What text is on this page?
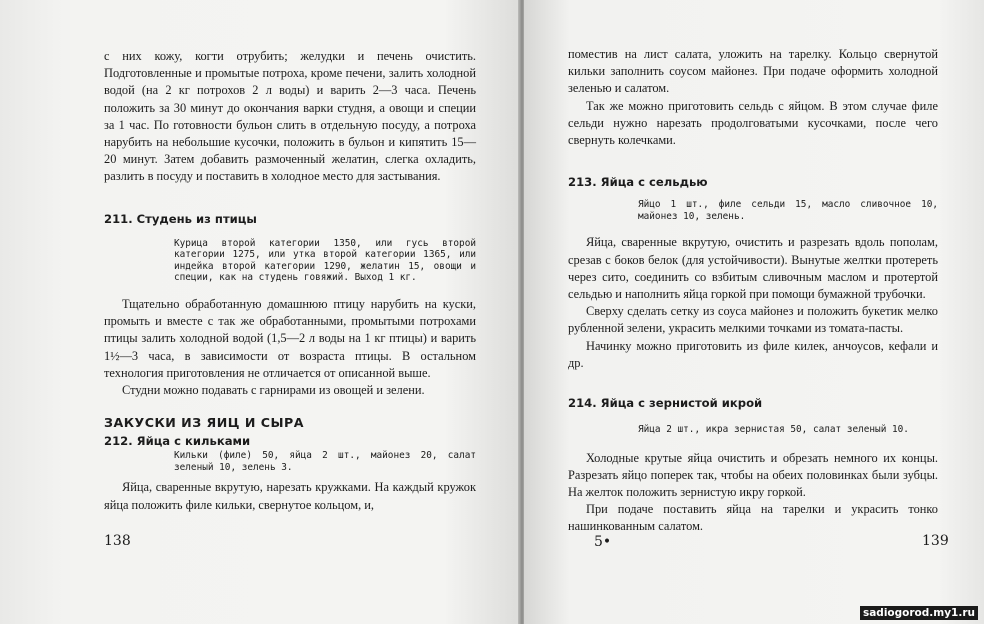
с них кожу, когти отрубить; желудки и печень очистить. Подготовленные и промытые потроха, кроме печени, залить холодной водой (на 2 кг потрохов 2 л воды) и варить 2—3 часа. Печень положить за 30 минут до окончания варки студня, а овощи и специи за 1 час. По готовности бульон слить в отдельную посуду, а потроха нарубить на небольшие кусочки, положить в бульон и кипятить 15—20 минут. Затем добавить размоченный желатин, слегка охладить, разлить в посуду и поставить в холодное место для застывания.

211. Студень из птицы

Курица второй категории 1350, или гусь второй категории 1275, или утка второй категории 1365, или индейка второй категории 1290, желатин 15, овощи и специи, как на студень говяжий. Выход 1 кг.

Тщательно обработанную домашнюю птицу нарубить на куски, промыть и вместе с так же обработанными, промытыми потрохами птицы залить холодной водой (1,5—2 л воды на 1 кг птицы) и варить 1½—3 часа, в зависимости от возраста птицы. В остальном технология приготовления не отличается от описанной выше.

Студни можно подавать с гарнирами из овощей и зелени.

ЗАКУСКИ ИЗ ЯИЦ И СЫРА
212. Яйца с кильками

Кильки (филе) 50, яйца 2 шт., майонез 20, салат зеленый 10, зелень 3.

Яйца, сваренные вкрутую, нарезать кружками. На каждый кружок яйца положить филе кильки, свернутое кольцом, и,

138

поместив на лист салата, уложить на тарелку. Кольцо свернутой кильки заполнить соусом майонез. При подаче оформить холодной зеленью и салатом.

Так же можно приготовить сельдь с яйцом. В этом случае филе сельди нужно нарезать продолговатыми кусочками, после чего свернуть колечками.

213. Яйца с сельдью

Яйцо 1 шт., филе сельди 15, масло сливочное 10, майонез 10, зелень.

Яйца, сваренные вкрутую, очистить и разрезать вдоль пополам, срезав с боков белок (для устойчивости). Вынутые желтки протереть через сито, соединить со взбитым сливочным маслом и протертой сельдью и наполнить яйца горкой при помощи бумажной трубочки.

Сверху сделать сетку из соуса майонез и положить букетик мелко рубленной зелени, украсить мелкими точками из томата-пасты.

Начинку можно приготовить из филе килек, анчоусов, кефали и др.

214. Яйца с зернистой икрой

Яйца 2 шт., икра зернистая 50, салат зеленый 10.

Холодные крутые яйца очистить и обрезать немного их концы. Разрезать яйцо поперек так, чтобы на обеих половинках были зубцы. На желток положить зернистую икру горкой.

При подаче поставить яйца на тарелки и украсить тонко нашинкованным салатом.

5•	139
sadiogorod.my1.ru
